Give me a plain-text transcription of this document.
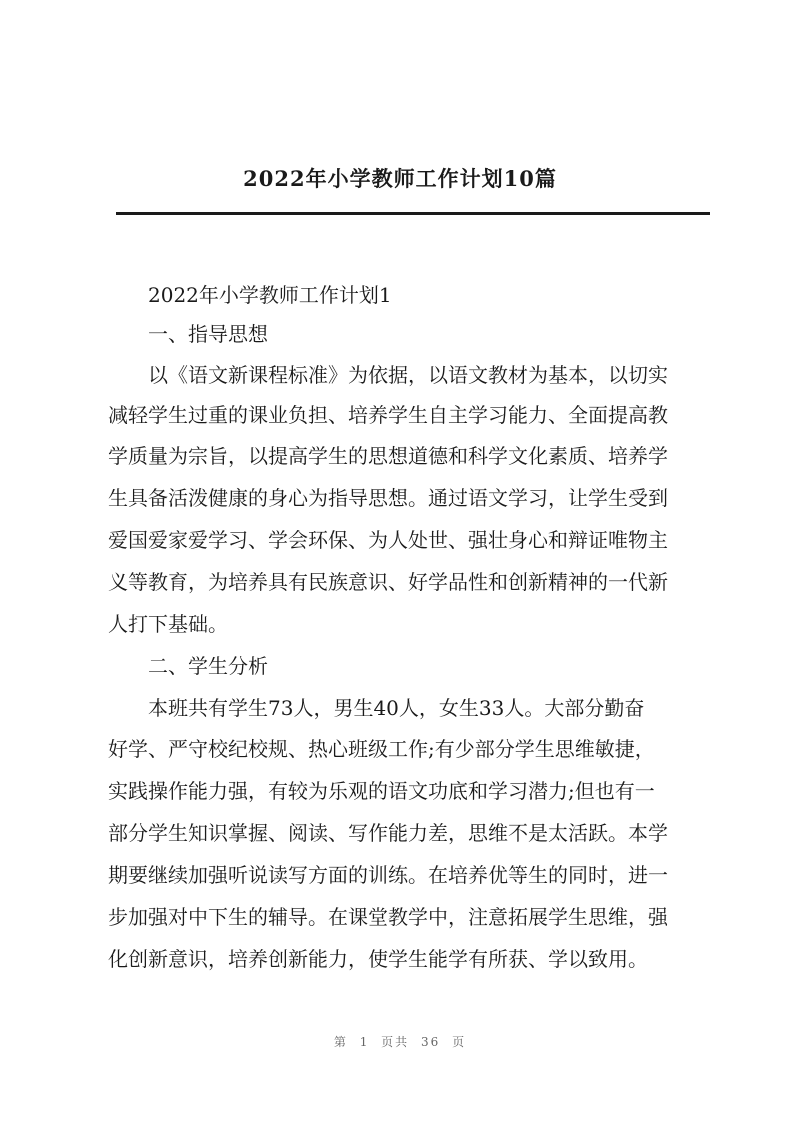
2022年小学教师工作计划10篇
2022年小学教师工作计划1
一、指导思想
以《语文新课程标准》为依据，以语文教材为基本，以切实
减轻学生过重的课业负担、培养学生自主学习能力、全面提高教
学质量为宗旨，以提高学生的思想道德和科学文化素质、培养学
生具备活泼健康的身心为指导思想。通过语文学习，让学生受到
爱国爱家爱学习、学会环保、为人处世、强壮身心和辩证唯物主
义等教育，为培养具有民族意识、好学品性和创新精神的一代新
人打下基础。
二、学生分析
本班共有学生73人，男生40人，女生33人。大部分勤奋
好学、严守校纪校规、热心班级工作;有少部分学生思维敏捷，
实践操作能力强，有较为乐观的语文功底和学习潜力;但也有一
部分学生知识掌握、阅读、写作能力差，思维不是太活跃。本学
期要继续加强听说读写方面的训练。在培养优等生的同时，进一
步加强对中下生的辅导。在课堂教学中，注意拓展学生思维，强
化创新意识，培养创新能力，使学生能学有所获、学以致用。
第 1 页共 36 页
